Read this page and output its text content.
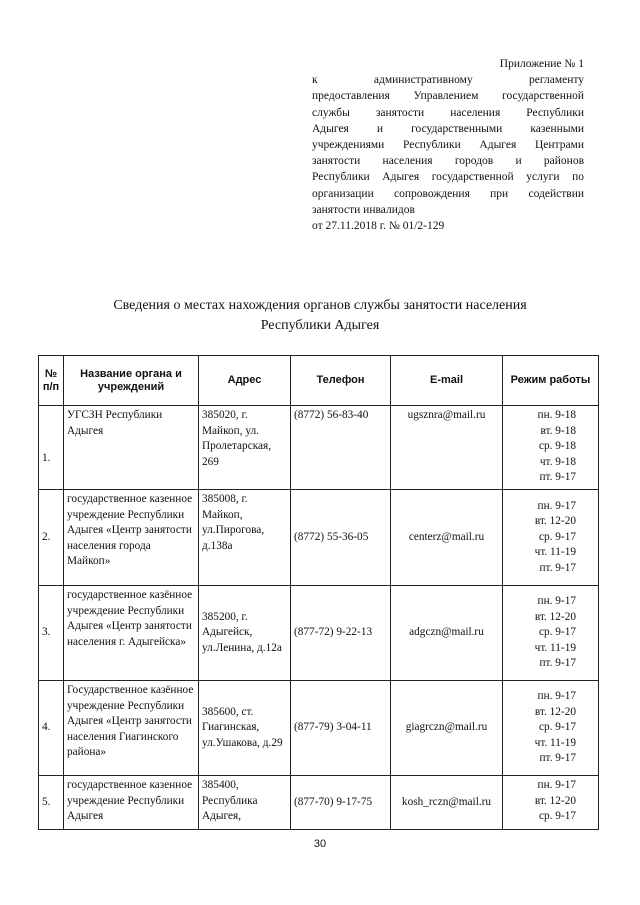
Приложение № 1
к административному регламенту
предоставления Управлением государственной
службы занятости населения Республики
Адыгея и государственными казенными
учреждениями Республики Адыгея Центрами
занятости населения городов и районов
Республики Адыгея государственной услуги по
организации сопровождения при содействии
занятости инвалидов
от 27.11.2018 г. № 01/2-129
Сведения о местах нахождения органов службы занятости населения
Республики Адыгея
№ п/п	Название органа и учреждений	Адрес	Телефон	E-mail	Режим работы
1.	УГСЗН Республики Адыгея	385020, г. Майкоп, ул. Пролетарская, 269	(8772) 56-83-40	ugsznra@mail.ru	пн. 9-18
вт. 9-18
ср. 9-18
чт. 9-18
пт. 9-17

2.	государственное казенное учреждение Республики Адыгея «Центр занятости населения города Майкоп»	385008, г. Майкоп, ул.Пирогова, д.138а	(8772) 55-36-05	centerz@mail.ru	пн. 9-17
вт. 12-20
ср. 9-17
чт. 11-19
пт. 9-17

3.	государственное казённое учреждение Республики Адыгея «Центр занятости населения г. Адыгейска»	385200, г. Адыгейск, ул.Ленина, д.12а	(877-72) 9-22-13	adgczn@mail.ru	пн. 9-17
вт. 12-20
ср. 9-17
чт. 11-19
пт. 9-17

4.	Государственное казённое учреждение Республики Адыгея «Центр занятости населения Гиагинского района»	385600, ст. Гиагинская, ул.Ушакова, д.29	(877-79) 3-04-11	giagrczn@mail.ru	пн. 9-17
вт. 12-20
ср. 9-17
чт. 11-19
пт. 9-17

5.	государственное казенное учреждение Республики Адыгея	385400, Республика Адыгея,	(877-70) 9-17-75	kosh_rczn@mail.ru	пн. 9-17
вт. 12-20
ср. 9-17
30
